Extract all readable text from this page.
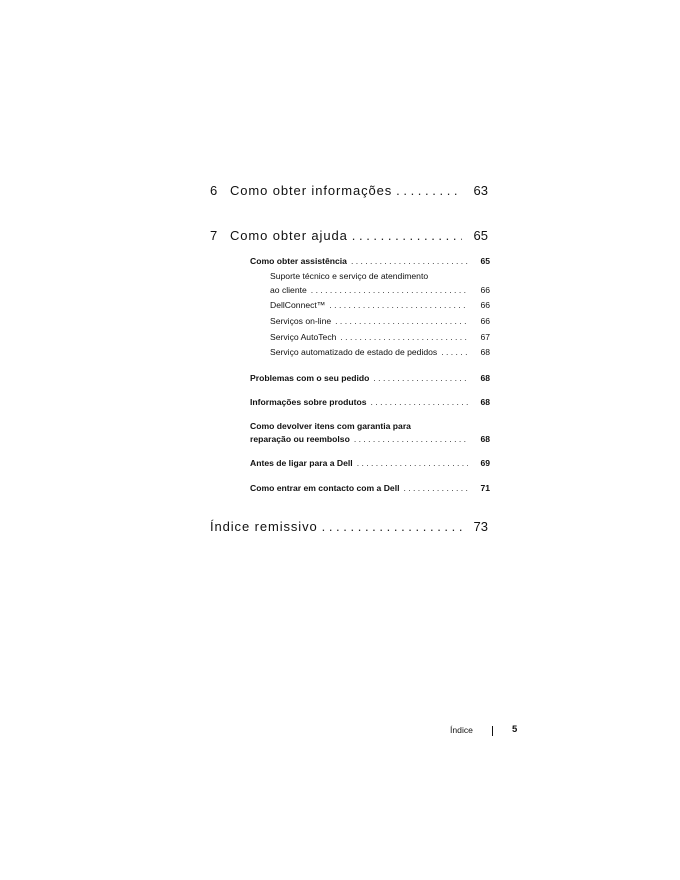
6 Como obter informações . . .	63
7 Como obter ajuda . . .	65
Como obter assistência . . .	65
Suporte técnico e serviço de atendimento
ao cliente . . .	66
DellConnect™ . . .	66
Serviços on-line . . .	66
Serviço AutoTech . . .	67
Serviço automatizado de estado de pedidos . . .	68
Problemas com o seu pedido . . .	68
Informações sobre produtos . . .	68
Como devolver itens com garantia para
reparação ou reembolso . . .	68
Antes de ligar para a Dell . . .	69
Como entrar em contacto com a Dell . . .	71
Índice remissivo . . .	73
Índice	5
